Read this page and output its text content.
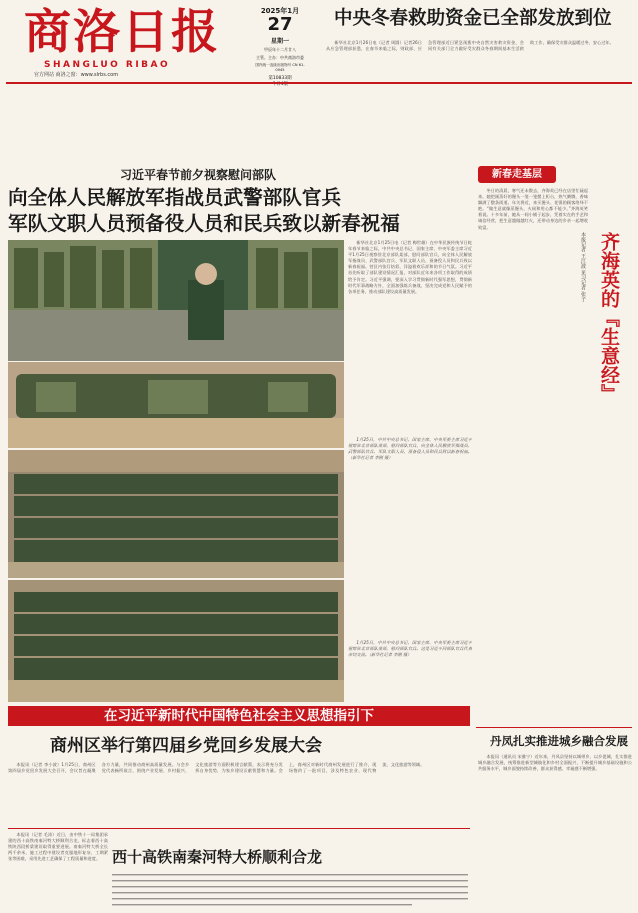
商洛日报
SHANGLUO RIBAO
2025年1月
27
星期一
甲辰年十二月廿八
主管、主办：中共商洛市委
国内统一连续出版物号 CN 61-0045
第10833期
今日4版
官方网站 商洛之窗：www.slrbs.com
中央冬春救助资金已全部发放到位

新华社北京1月26日电（记者 周圆）记者26日从应急管理部获悉，在春节来临之际，财政部、应急管理部近日紧急预拨中央自然灾害救灾资金，会同有关部门全力做好受灾群众冬春期间基本生活救助工作，确保受灾群众温暖过冬、安心过年。

习近平春节前夕视察慰问部队
向全体人民解放军指战员武警部队官兵
军队文职人员预备役人员和民兵致以新春祝福

新华社北京1月25日电（记者 梅世雄）在中华民族传统节日蛇年春节来临之际，中共中央总书记、国家主席、中央军委主席习近平1月25日视察驻北京部队某部，慰问部队官兵，向全体人民解放军指战员、武警部队官兵、军队文职人员、预备役人员和民兵致以新春祝福。营区内张灯结彩，洋溢着欢乐祥和的节日气氛。习近平首先听取了部队建设情况汇报，对部队近年来各项工作取得的成绩给予肯定。习近平强调，要深入学习贯彻新时代强军思想，贯彻新时代军事战略方针，全面加强练兵备战，坚决完成党和人民赋予的各项任务，推动部队建设高质量发展。

1月25日，中共中央总书记、国家主席、中央军委主席习近平视察驻北京部队某部，慰问部队官兵，向全体人民解放军指战员、武警部队官兵、军队文职人员、预备役人员和民兵致以新春祝福。（新华社记者 李刚 摄）

1月25日，中共中央总书记、国家主席、中央军委主席习近平视察驻北京部队某部，慰问部队官兵。这是习近平同部队官兵代表亲切交流。（新华社记者 李刚 摄）

新春走基层

冬日的清晨，寒气还未散去，齐海英已经在店里忙碌起来。她把刚蒸好的馒头一笼一笼摆上柜台，热气腾腾，香味飘满了整条街道。年关将近，来买馒头、花馍的顾客络绎不绝。“做生意就像蒸馒头，火候和用心都不能少。”齐海英笑着说。十多年前，她从一间小铺子起步，凭着实在的手艺和诚信经营，把生意越做越红火，还带动身边的乡亲一起增收致富。

齐海英的『生意经』
本报记者 王江波 见习记者 张子
在习近平新时代中国特色社会主义思想指引下
商州区举行第四届乡党回乡发展大会

本报讯（记者 李小波）1月25日，商州区第四届乡党回乡发展大会召开，会议旨在凝聚各方力量，共同推动商州高质量发展。与会乡党代表畅所欲言，围绕产业发展、乡村振兴、文化旅游等方面积极建言献策，表示将充分发挥自身优势，为家乡建设贡献智慧和力量。会上，商州区对新时代商州发展进行了推介，现场签约了一批项目，涉及特色农业、现代物流、文化旅游等领域。

西十高铁南秦河特大桥顺利合龙

本报讯（记者 毛涛）近日，由中铁十一局集团承建的西十高铁南秦河特大桥顺利合龙，标志着西十高铁陕西段桥梁建设取得重要进展。南秦河特大桥全长两千余米，施工过程中建设者克服地形复杂、工期紧张等困难，采用先进工艺确保了工程质量和进度。

丹凤扎实推进城乡融合发展

本报讯（通讯员 宋雅宁）近年来，丹凤县坚持以城带乡、以乡促城，扎实推进城乡融合发展，统筹推进新型城镇化和乡村全面振兴，不断提升城乡基础设施和公共服务水平，城乡面貌持续改善，群众获得感、幸福感不断增强。
